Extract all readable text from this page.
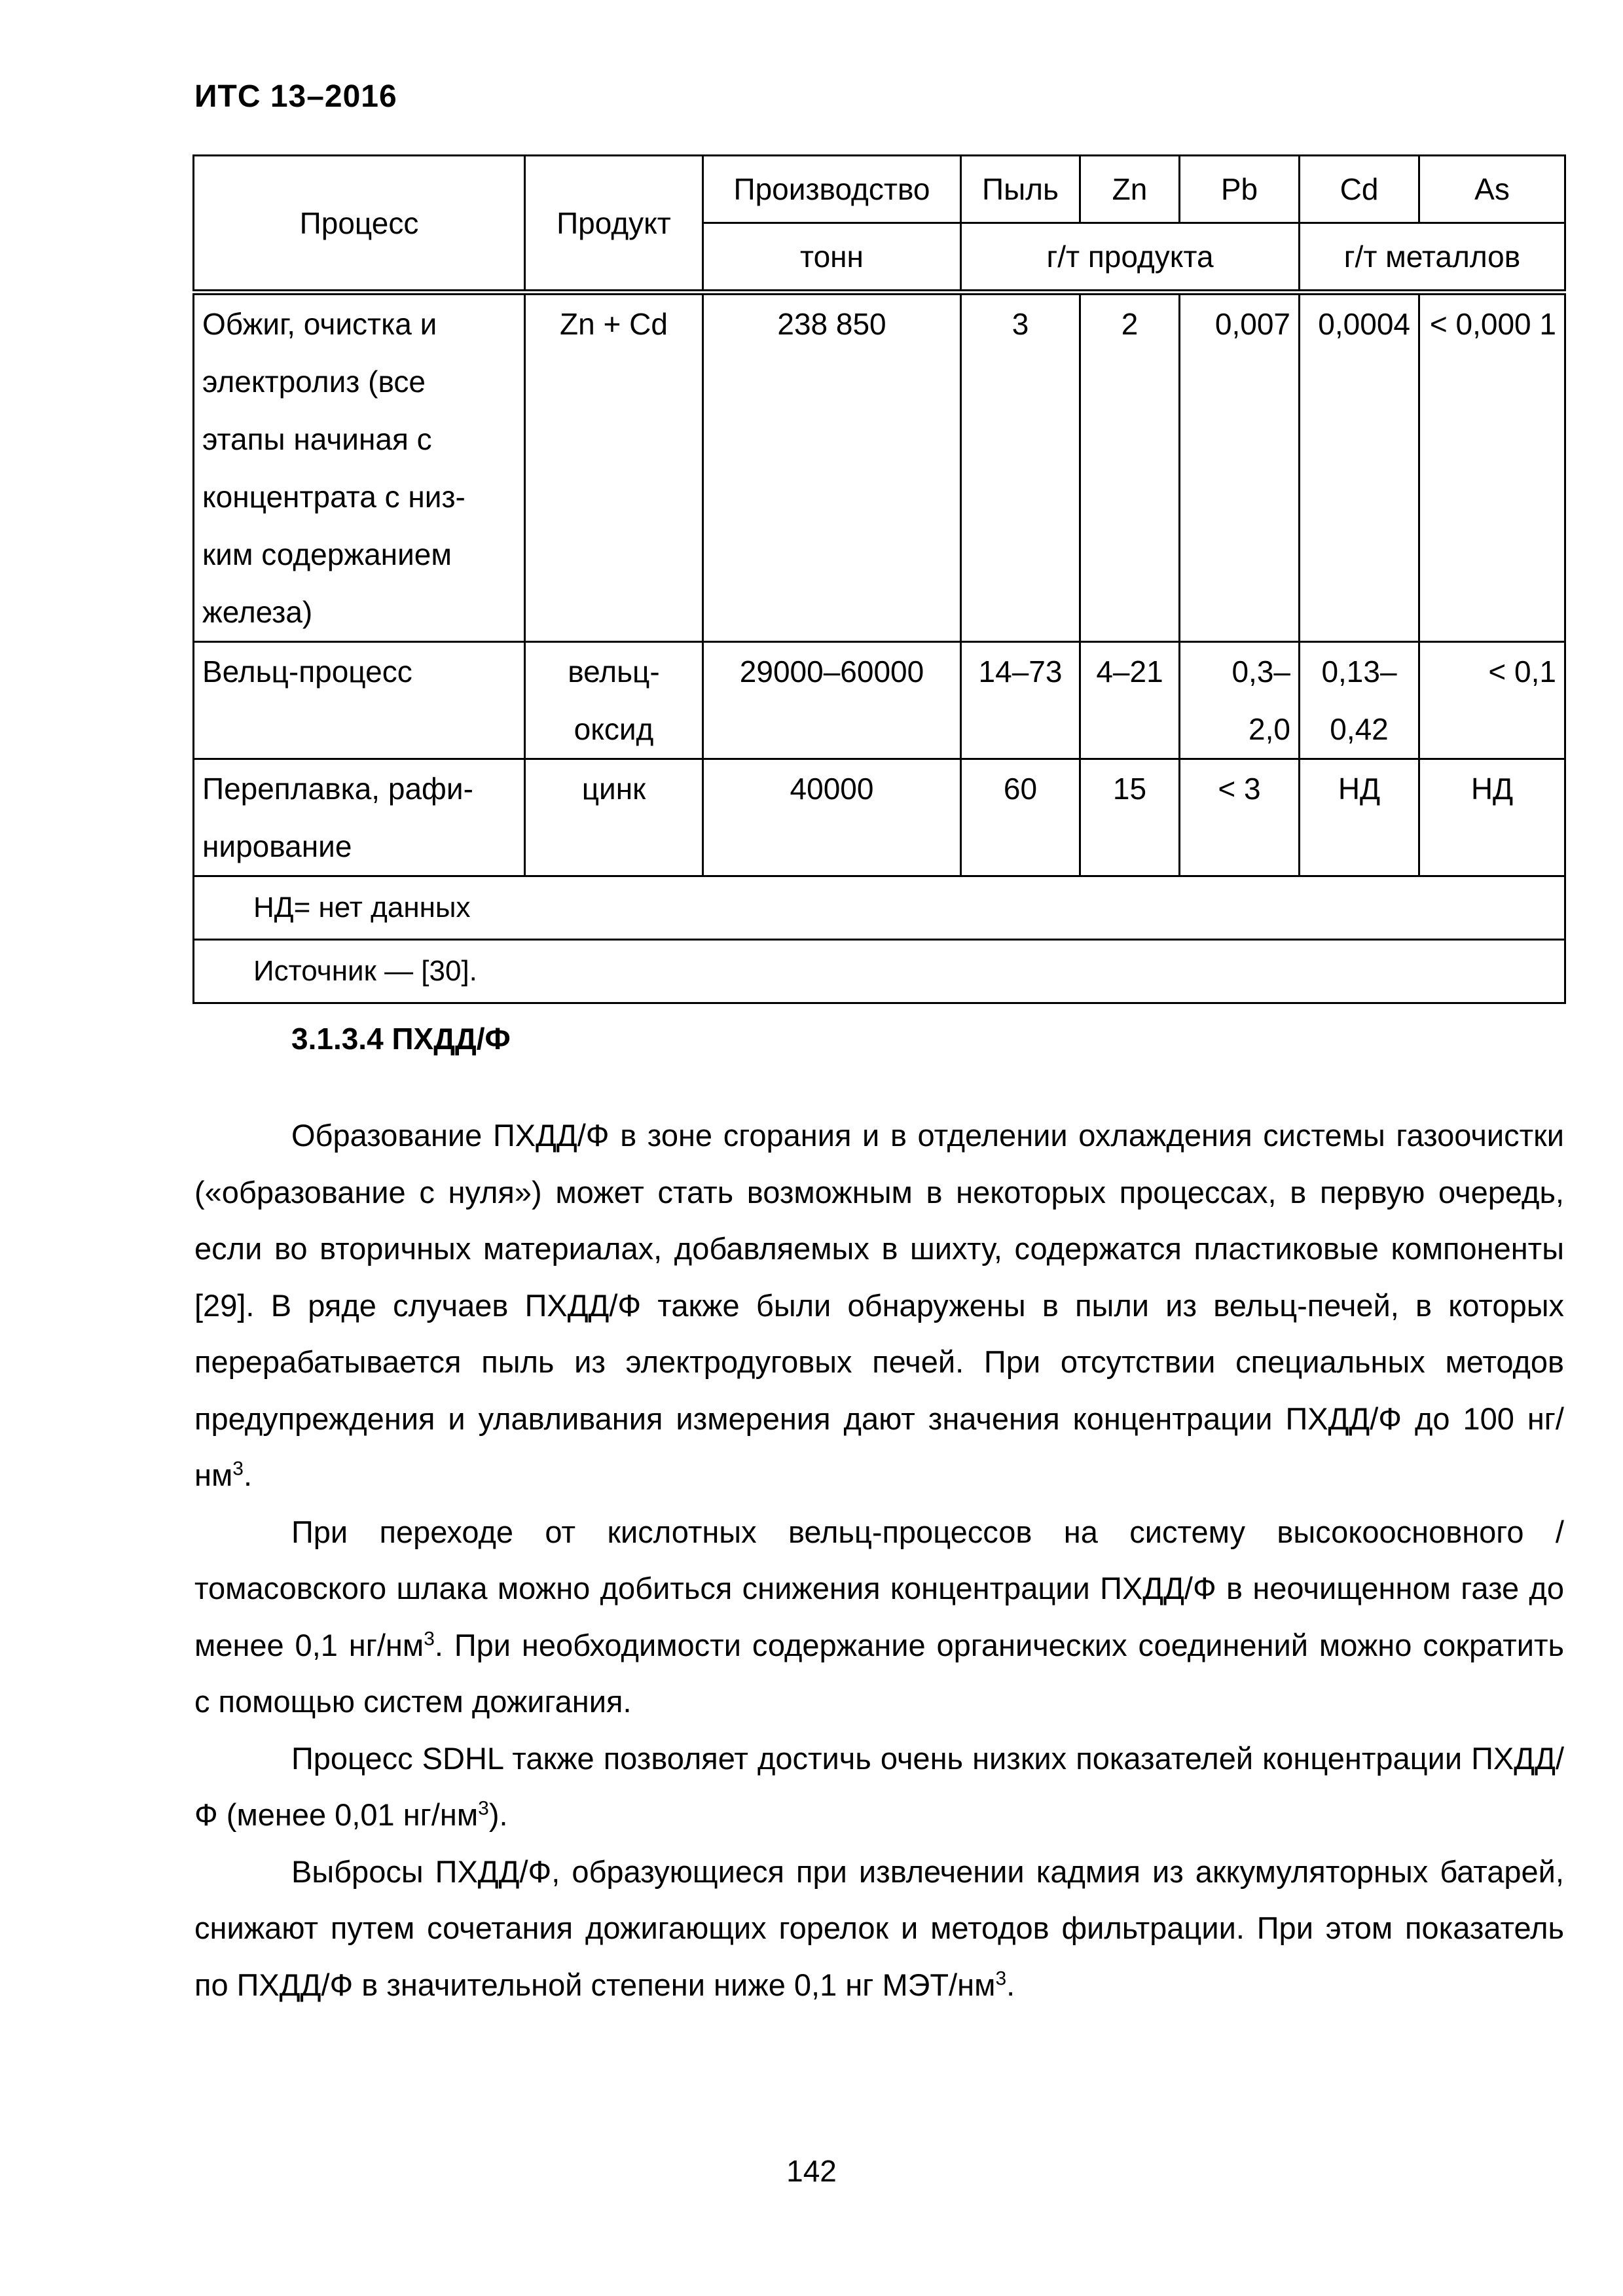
ИТС 13–2016
Процесс	Продукт	Производство	Пыль	Zn	Pb	Cd	As
		тонн	г/т продукта			г/т металлов	
Обжиг, очистка и электролиз (все этапы начиная с концентрата с низ-ким содержанием железа)	Zn + Cd	238 850	3	2	0,007	0,0004	< 0,000 1
Вельц-процесс	вельц-оксид	29000–60000	14–73	4–21	0,3– 2,0	0,13– 0,42	< 0,1
Переплавка, рафи-нирование	цинк	40000	60	15	< 3	НД	НД
НД= нет данных							
Источник — [30].							
3.1.3.4 ПХДД/Ф

Образование ПХДД/Ф в зоне сгорания и в отделении охлаждения системы газоочистки («образование с нуля») может стать возможным в некоторых процессах, в первую очередь, если во вторичных материалах, добавляемых в шихту, содержатся пластиковые компоненты [29]. В ряде случаев ПХДД/Ф также были обнаружены в пыли из вельц-печей, в которых перерабатывается пыль из электродуговых печей. При отсутствии специальных методов предупреждения и улавливания измерения дают значения концентрации ПХДД/Ф до 100 $нг/нм^3$.

При переходе от кислотных вельц-процессов на систему высокоосновного /томасовского шлака можно добиться снижения концентрации ПХДД/Ф в неочищенном газе до менее 0,1 $нг/нм^3$. При необходимости содержание органических соединений можно сократить с помощью систем дожигания.

Процесс SDHL также позволяет достичь очень низких показателей концентрации ПХДД/Ф (менее 0,01 $нг/нм^3$).

Выбросы ПХДД/Ф, образующиеся при извлечении кадмия из аккумуляторных батарей, снижают путем сочетания дожигающих горелок и методов фильтрации. При этом показатель по ПХДД/Ф в значительной степени ниже 0,1 нг МЭТ/$нм^3$.

142
